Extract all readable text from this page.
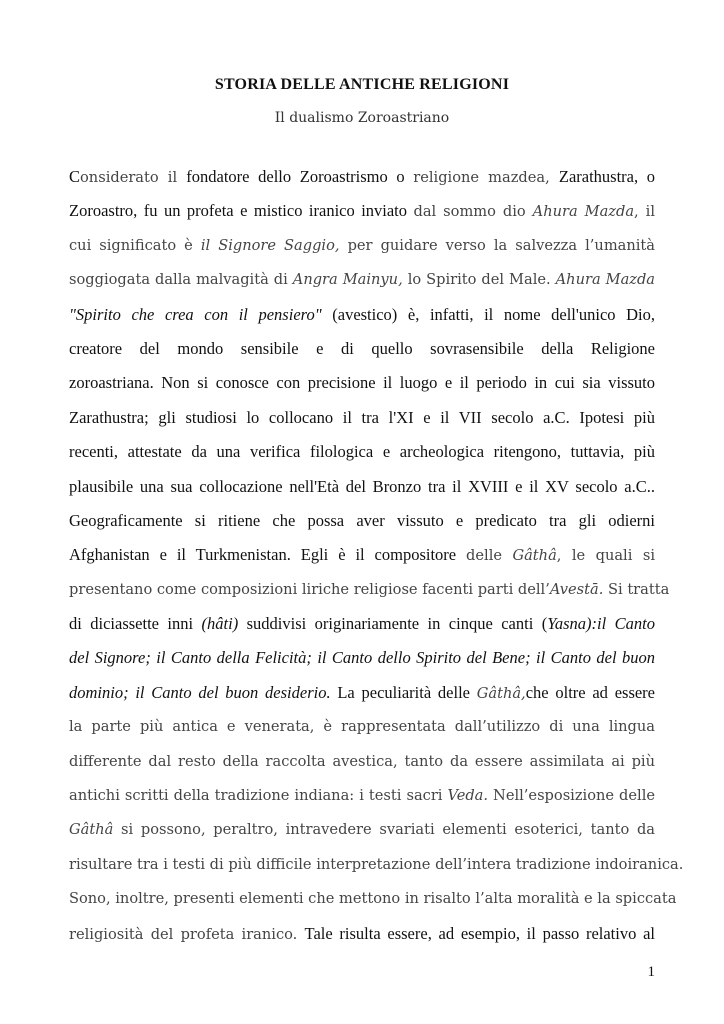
STORIA DELLE ANTICHE RELIGIONI
Il dualismo Zoroastriano
Considerato il fondatore dello Zoroastrismo o religione mazdea, Zarathustra, o
Zoroastro, fu un profeta e mistico iranico inviato dal sommo dio Ahura Mazda, il
cui significato è il Signore Saggio, per guidare verso la salvezza l’umanità
soggiogata dalla malvagità di Angra Mainyu, lo Spirito del Male. Ahura Mazda
"Spirito che crea con il pensiero" (avestico) è, infatti, il nome dell'unico Dio,
creatore del mondo sensibile e di quello sovrasensibile della Religione
zoroastriana. Non si conosce con precisione il luogo e il periodo in cui sia vissuto
Zarathustra; gli studiosi lo collocano il tra l'XI e il VII secolo a.C. Ipotesi più
recenti, attestate da una verifica filologica e archeologica ritengono, tuttavia, più
plausibile una sua collocazione nell'Età del Bronzo tra il XVIII e il XV secolo a.C..
Geograficamente si ritiene che possa aver vissuto e predicato tra gli odierni
Afghanistan e il Turkmenistan. Egli è il compositore delle Gâthâ, le quali si
presentano come composizioni liriche religiose facenti parti dell’Avestā. Si tratta
di diciassette inni (hâti) suddivisi originariamente in cinque canti (Yasna):il Canto
del Signore; il Canto della Felicità; il Canto dello Spirito del Bene; il Canto del buon
dominio; il Canto del buon desiderio. La peculiarità delle Gâthâ,che oltre ad essere
la parte più antica e venerata, è rappresentata dall’utilizzo di una lingua
differente dal resto della raccolta avestica, tanto da essere assimilata ai più
antichi scritti della tradizione indiana: i testi sacri Veda. Nell’esposizione delle
Gâthâ si possono, peraltro, intravedere svariati elementi esoterici, tanto da
risultare tra i testi di più difficile interpretazione dell’intera tradizione indoiranica.
Sono, inoltre, presenti elementi che mettono in risalto l’alta moralità e la spiccata
religiosità del profeta iranico. Tale risulta essere, ad esempio, il passo relativo al
1
